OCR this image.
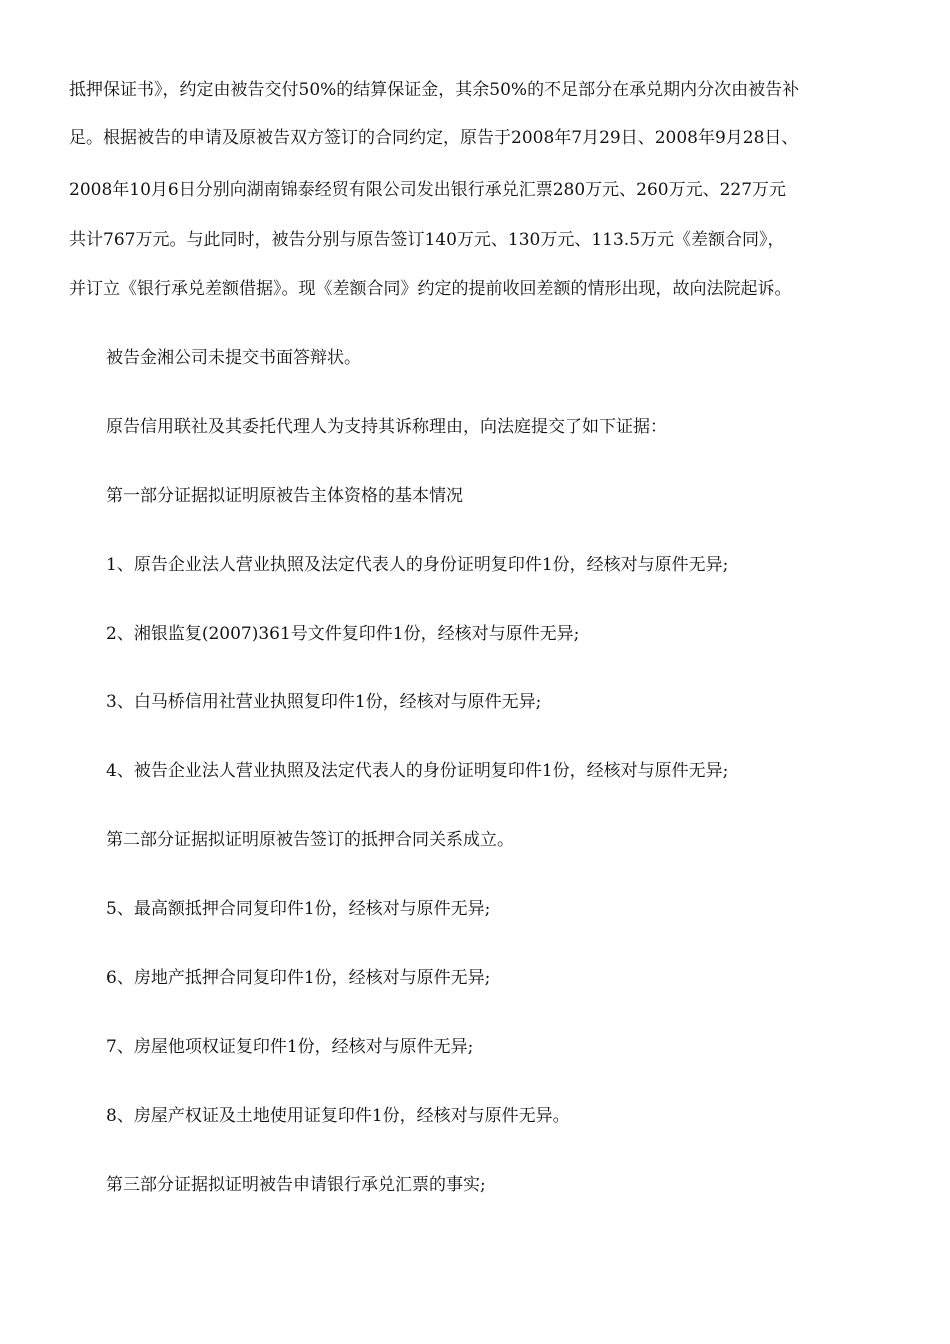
抵押保证书》，约定由被告交付50%的结算保证金，其余50%的不足部分在承兑期内分次由被告补
足。根据被告的申请及原被告双方签订的合同约定，原告于2008年7月29日、2008年9月28日、
2008年10月6日分别向湖南锦泰经贸有限公司发出银行承兑汇票280万元、260万元、227万元
共计767万元。与此同时，被告分别与原告签订140万元、130万元、113.5万元《差额合同》，
并订立《银行承兑差额借据》。现《差额合同》约定的提前收回差额的情形出现，故向法院起诉。
被告金湘公司未提交书面答辩状。
原告信用联社及其委托代理人为支持其诉称理由，向法庭提交了如下证据：
第一部分证据拟证明原被告主体资格的基本情况
1、原告企业法人营业执照及法定代表人的身份证明复印件1份，经核对与原件无异;
2、湘银监复(2007)361号文件复印件1份，经核对与原件无异;
3、白马桥信用社营业执照复印件1份，经核对与原件无异;
4、被告企业法人营业执照及法定代表人的身份证明复印件1份，经核对与原件无异;
第二部分证据拟证明原被告签订的抵押合同关系成立。
5、最高额抵押合同复印件1份，经核对与原件无异;
6、房地产抵押合同复印件1份，经核对与原件无异;
7、房屋他项权证复印件1份，经核对与原件无异;
8、房屋产权证及土地使用证复印件1份，经核对与原件无异。
第三部分证据拟证明被告申请银行承兑汇票的事实;
